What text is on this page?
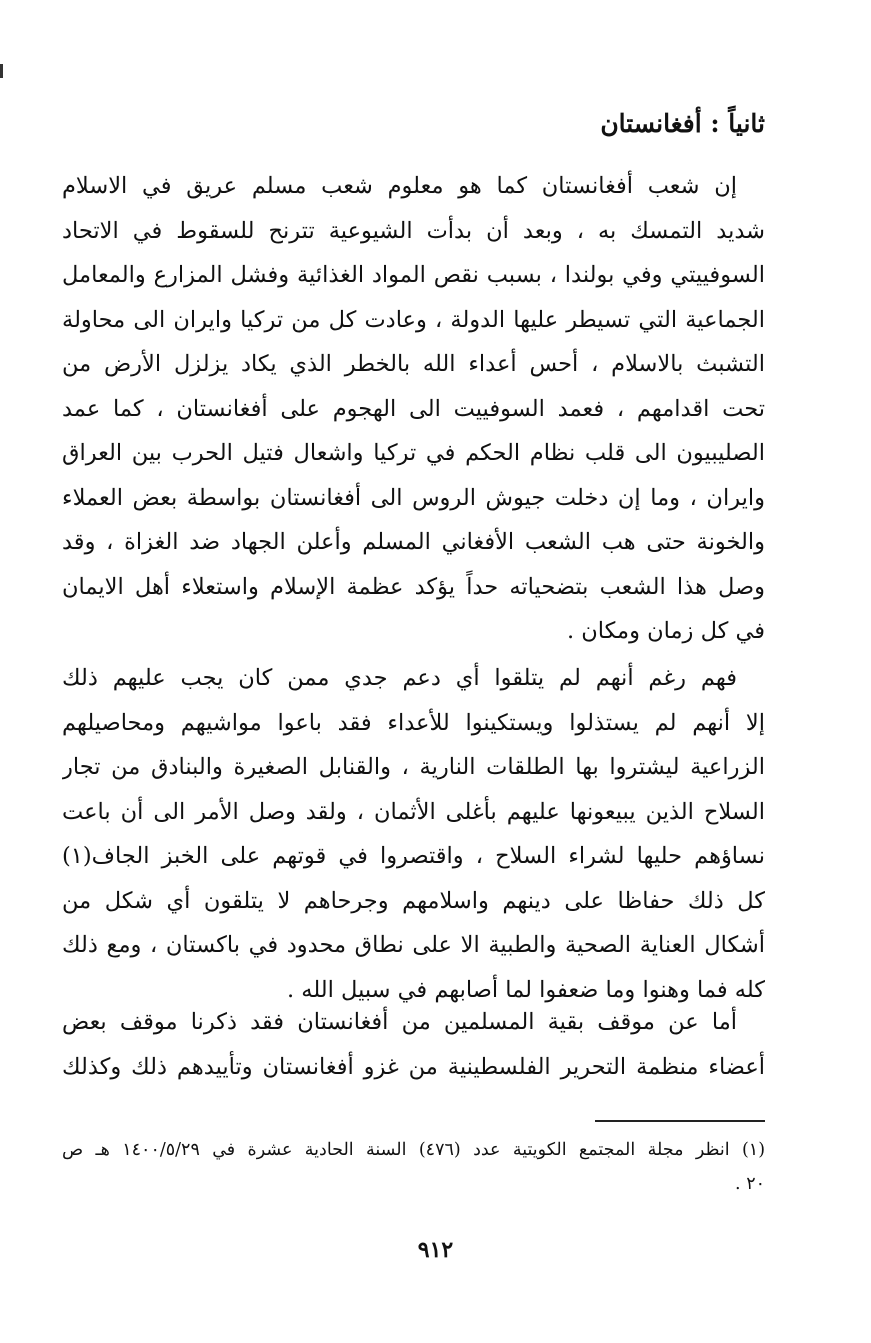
ثانياً : أفغانستان
إن شعب أفغانستان كما هو معلوم شعب مسلم عريق في الاسلام
شديد التمسك به ، وبعد أن بدأت الشيوعية تترنح للسقوط في الاتحاد
السوفييتي وفي بولندا ، بسبب نقص المواد الغذائية وفشل المزارع والمعامل
الجماعية التي تسيطر عليها الدولة ، وعادت كل من تركيا وايران الى محاولة
التشبث بالاسلام ، أحس أعداء الله بالخطر الذي يكاد يزلزل الأرض من
تحت اقدامهم ، فعمد السوفييت الى الهجوم على أفغانستان ، كما عمد
الصليبيون الى قلب نظام الحكم في تركيا واشعال فتيل الحرب بين العراق
وايران ، وما إن دخلت جيوش الروس الى أفغانستان بواسطة بعض العملاء
والخونة حتى هب الشعب الأفغاني المسلم وأعلن الجهاد ضد الغزاة ، وقد
وصل هذا الشعب بتضحياته حداً يؤكد عظمة الإسلام واستعلاء أهل الايمان
في كل زمان ومكان .
فهم رغم أنهم لم يتلقوا أي دعم جدي ممن كان يجب عليهم ذلك
إلا أنهم لم يستذلوا ويستكينوا للأعداء فقد باعوا مواشيهم ومحاصيلهم
الزراعية ليشتروا بها الطلقات النارية ، والقنابل الصغيرة والبنادق من تجار
السلاح الذين يبيعونها عليهم بأغلى الأثمان ، ولقد وصل الأمر الى أن باعت
نساؤهم حليها لشراء السلاح ، واقتصروا في قوتهم على الخبز الجاف(١)
كل ذلك حفاظا على دينهم واسلامهم وجرحاهم لا يتلقون أي شكل من
أشكال العناية الصحية والطبية الا على نطاق محدود في باكستان ، ومع ذلك
كله فما وهنوا وما ضعفوا لما أصابهم في سبيل الله .
أما عن موقف بقية المسلمين من أفغانستان فقد ذكرنا موقف بعض
أعضاء منظمة التحرير الفلسطينية من غزو أفغانستان وتأييدهم ذلك وكذلك
(١) انظر مجلة المجتمع الكويتية عدد (٤٧٦) السنة الحادية عشرة في ١٤٠٠/٥/٢٩ هـ ص
٢٠ .
٩١٢
